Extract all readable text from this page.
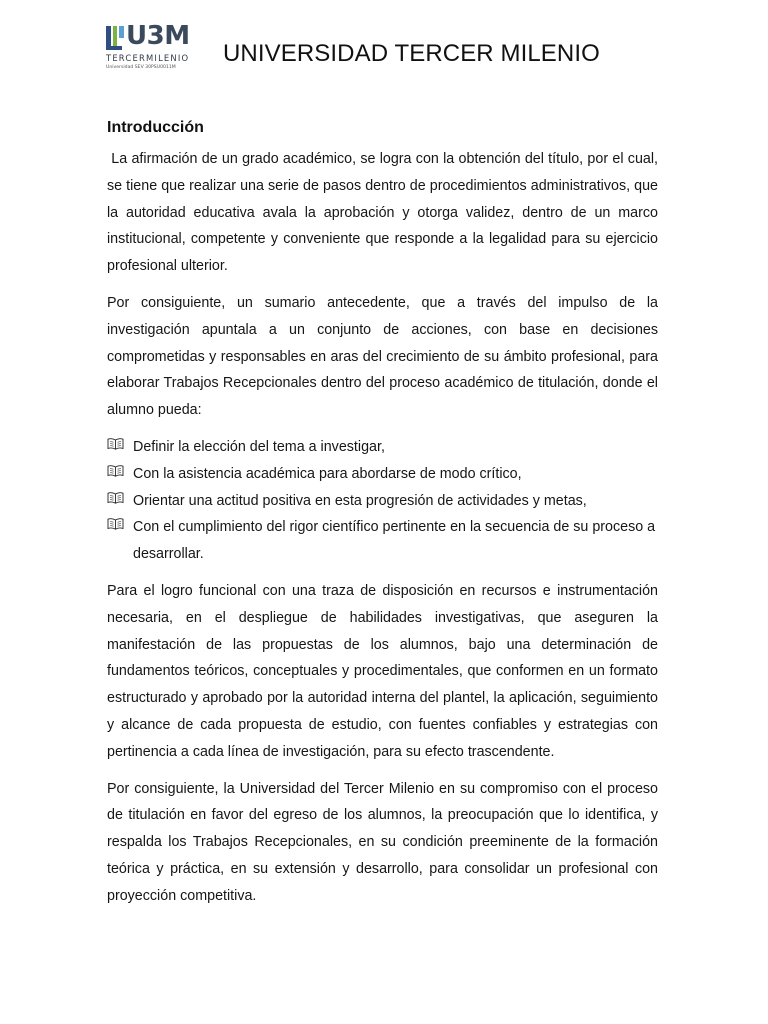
U3M
TERCERMILENIO
Universidad SEV 30PSU0011M
UNIVERSIDAD TERCER MILENIO
Introducción

La afirmación de un grado académico, se logra con la obtención del título, por el cual, se tiene que realizar una serie de pasos dentro de procedimientos administrativos, que la autoridad educativa avala la aprobación y otorga validez, dentro de un marco institucional, competente y conveniente que responde a la legalidad para su ejercicio profesional ulterior.

Por consiguiente, un sumario antecedente, que a través del impulso de la investigación apuntala a un conjunto de acciones, con base en decisiones comprometidas y responsables en aras del crecimiento de su ámbito profesional, para elaborar Trabajos Recepcionales dentro del proceso académico de titulación, donde el alumno pueda:

Definir la elección del tema a investigar,
Con la asistencia académica para abordarse de modo crítico,
Orientar una actitud positiva en esta progresión de actividades y metas,
Con el cumplimiento del rigor científico pertinente en la secuencia de su proceso a desarrollar.

Para el logro funcional con una traza de disposición en recursos e instrumentación necesaria, en el despliegue de habilidades investigativas, que aseguren la manifestación de las propuestas de los alumnos, bajo una determinación de fundamentos teóricos, conceptuales y procedimentales, que conformen en un formato estructurado y aprobado por la autoridad interna del plantel, la aplicación, seguimiento y alcance de cada propuesta de estudio, con fuentes confiables y estrategias con pertinencia a cada línea de investigación, para su efecto trascendente.

Por consiguiente, la Universidad del Tercer Milenio en su compromiso con el proceso de titulación en favor del egreso de los alumnos, la preocupación que lo identifica, y respalda los Trabajos Recepcionales, en su condición preeminente de la formación teórica y práctica, en su extensión y desarrollo, para consolidar un profesional con proyección competitiva.
